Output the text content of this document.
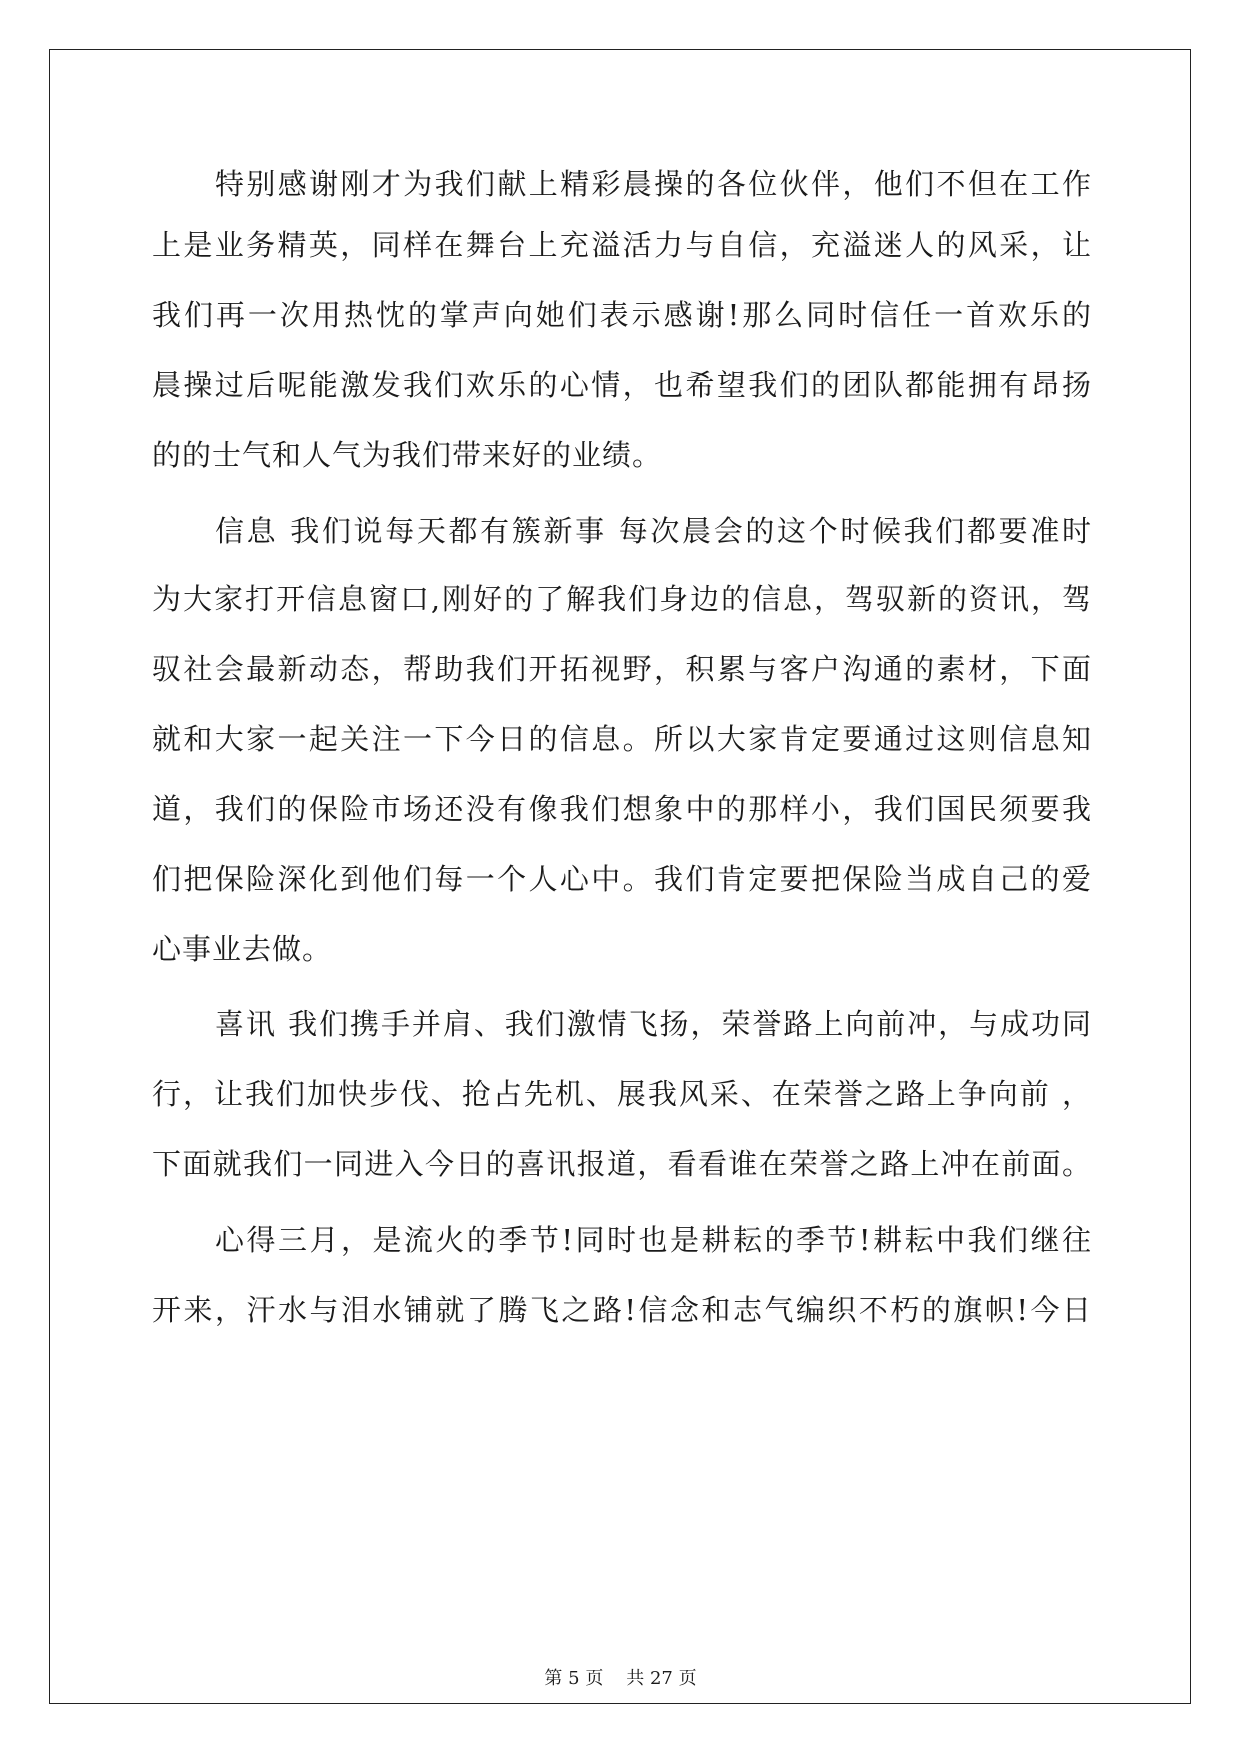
特别感谢刚才为我们献上精彩晨操的各位伙伴，他们不但在工作
上是业务精英，同样在舞台上充溢活力与自信，充溢迷人的风采，让
我们再一次用热忱的掌声向她们表示感谢!那么同时信任一首欢乐的
晨操过后呢能激发我们欢乐的心情，也希望我们的团队都能拥有昂扬
的的士气和人气为我们带来好的业绩。
信息 我们说每天都有簇新事 每次晨会的这个时候我们都要准时
为大家打开信息窗口,刚好的了解我们身边的信息，驾驭新的资讯，驾
驭社会最新动态，帮助我们开拓视野，积累与客户沟通的素材，下面
就和大家一起关注一下今日的信息。所以大家肯定要通过这则信息知
道，我们的保险市场还没有像我们想象中的那样小，我们国民须要我
们把保险深化到他们每一个人心中。我们肯定要把保险当成自己的爱
心事业去做。
喜讯 我们携手并肩、我们激情飞扬，荣誉路上向前冲，与成功同
行，让我们加快步伐、抢占先机、展我风采、在荣誉之路上争向前 ，
下面就我们一同进入今日的喜讯报道，看看谁在荣誉之路上冲在前面。
心得三月，是流火的季节!同时也是耕耘的季节!耕耘中我们继往
开来，汗水与泪水铺就了腾飞之路!信念和志气编织不朽的旗帜!今日
第 5 页 共 27 页
